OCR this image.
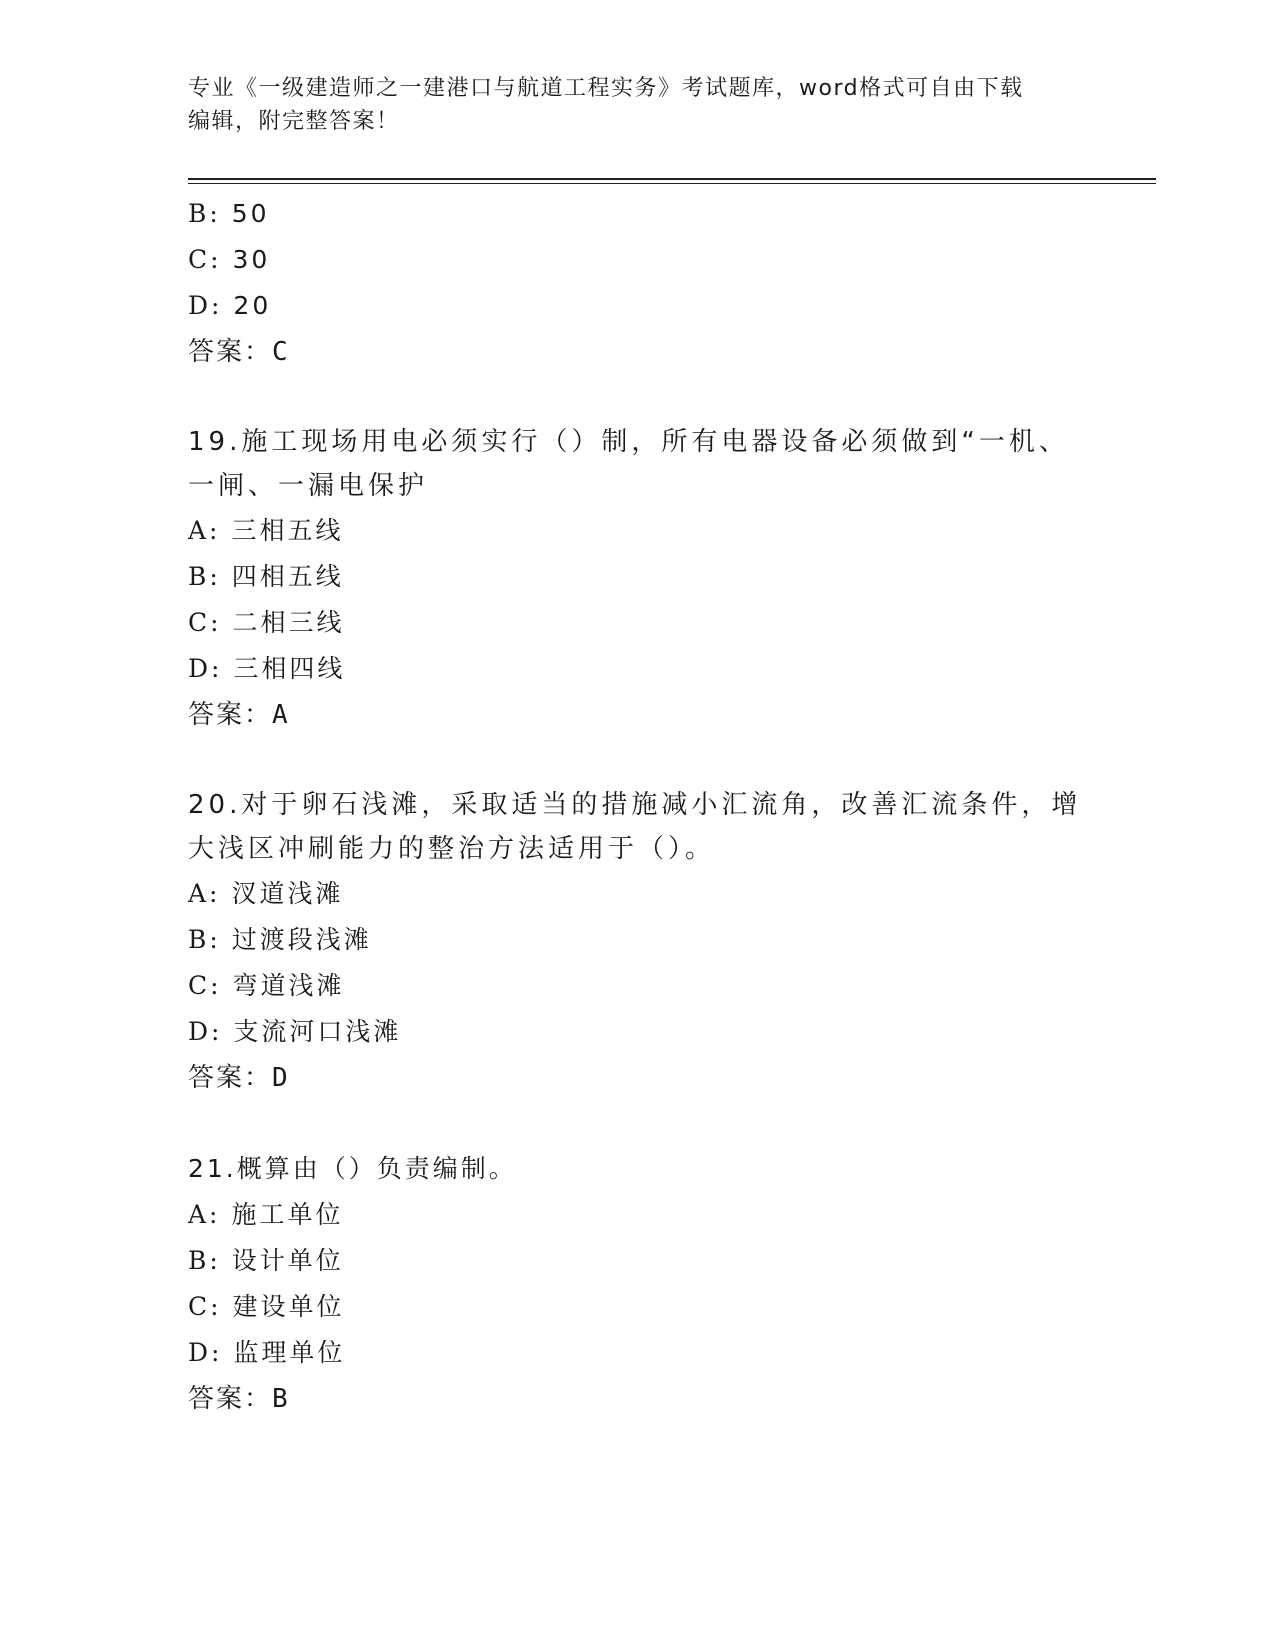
专业《一级建造师之一建港口与航道工程实务》考试题库，word格式可自由下载
编辑，附完整答案！
B: 50
C: 30
D: 20
答案：C
19.施工现场用电必须实行（）制，所有电器设备必须做到“一机、一闸、一漏电保护
A: 三相五线
B: 四相五线
C: 二相三线
D: 三相四线
答案：A
20.对于卵石浅滩，采取适当的措施减小汇流角，改善汇流条件，增大浅区冲刷能力的整治方法适用于（）。
A: 汊道浅滩
B: 过渡段浅滩
C: 弯道浅滩
D: 支流河口浅滩
答案：D
21.概算由（）负责编制。
A: 施工单位
B: 设计单位
C: 建设单位
D: 监理单位
答案：B
